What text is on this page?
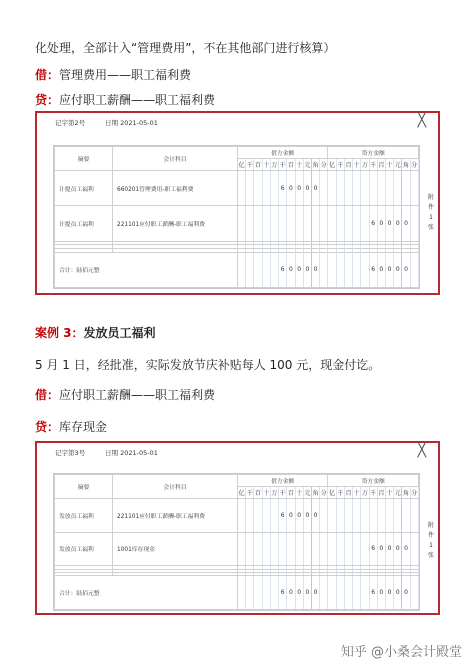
化处理，全部计入“管理费用”，不在其他部门进行核算）
借：管理费用——职工福利费
贷：应付职工薪酬——职工福利费
记字第2号	日期 2021-05-01	╳
摘要	会计科目	借方金额											贷方金额										
		亿	千	百	十	万	千	百	十	元	角	分	亿	千	百	十	万	千	百	十	元	角	分
计提员工福利	660201管理费用-职工福利费						6	0	0	0	0												
计提员工福利	221101应付职工薪酬-职工福利费																	6	0	0	0	0	

合计：陆佰元整							6	0	0	0	0							6	0	0	0	0	
附
件
1
张
案例 3：发放员工福利
5 月 1 日，经批准，实际发放节庆补贴每人 100 元，现金付讫。
借：应付职工薪酬——职工福利费
贷：库存现金
记字第3号	日期 2021-05-01	╳
摘要	会计科目	借方金额											贷方金额										
		亿	千	百	十	万	千	百	十	元	角	分	亿	千	百	十	万	千	百	十	元	角	分
发放员工福利	221101应付职工薪酬-职工福利费						6	0	0	0	0												
发放员工福利	1001库存现金																	6	0	0	0	0	

合计：陆佰元整							6	0	0	0	0							6	0	0	0	0	
附
件
1
张
知乎 @小桑会计殿堂
